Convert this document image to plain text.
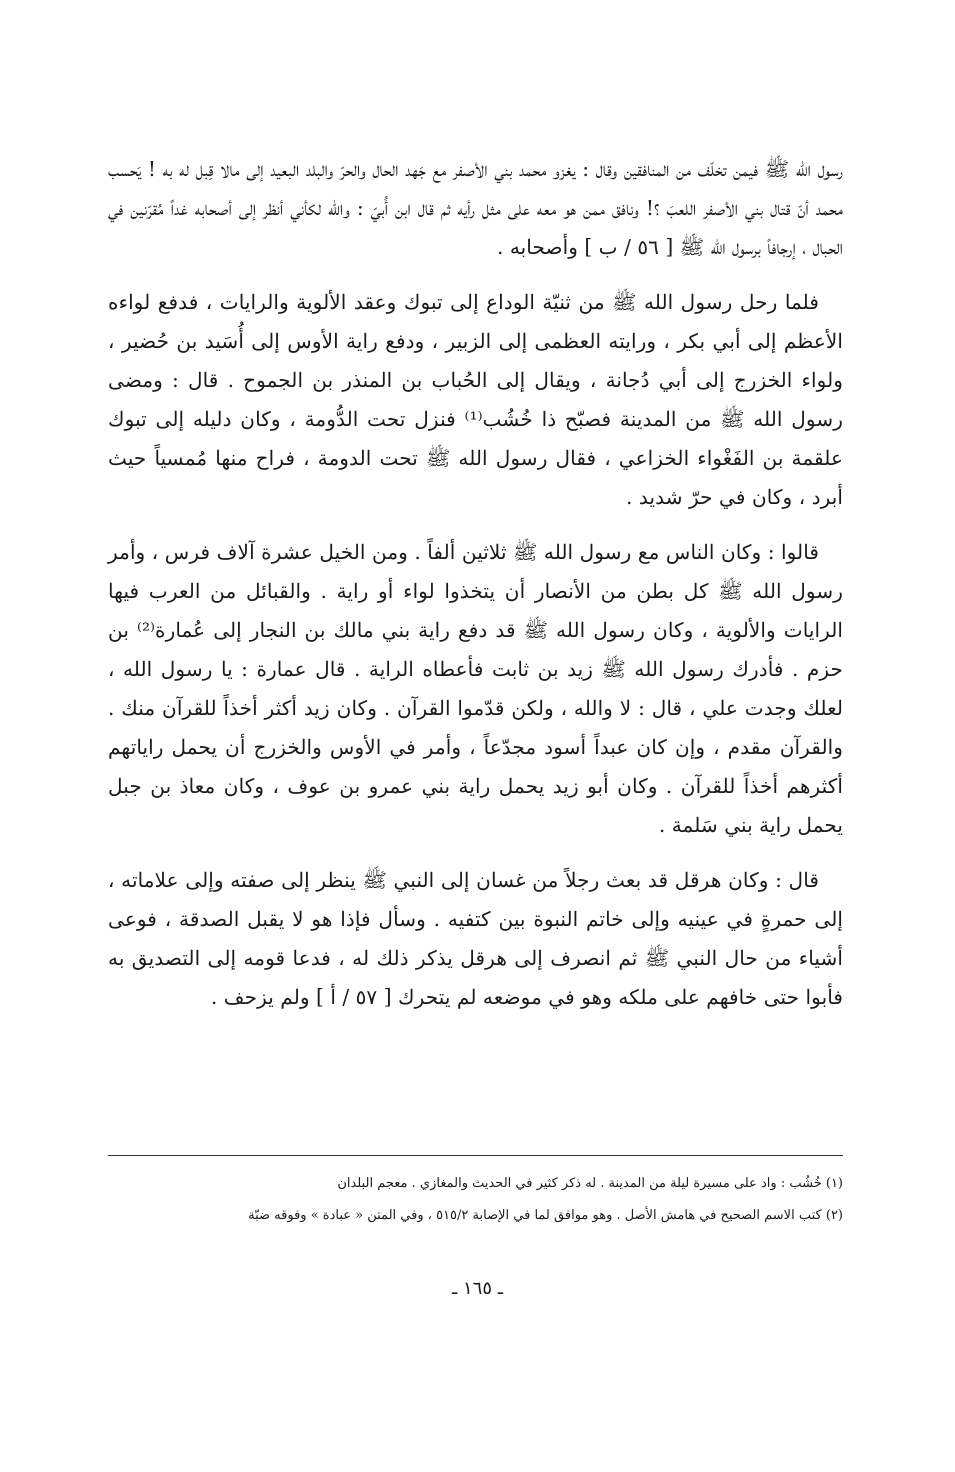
رسول الله ﷺ فيمن تخلّف من المنافقين وقال : يغزو محمد بني الأصفر مع جَهد الحال والحرّ والبلد البعيد إلى مالا قِبل له به ! يَحسب محمد أنّ قتال بني الأصفر اللعبَ ؟! ونافق ممن هو معه على مثل رأيه ثم قال ابن أُبيّ : والله لكأني أنظر إلى أصحابه غداً مُقرّنين في الحبال ، إرجافاً برسول الله ﷺ [ ٥٦ / ب ] وأصحابه .

فلما رحل رسول الله ﷺ من ثنيّة الوداع إلى تبوك وعقد الألوية والرايات ، فدفع لواءه الأعظم إلى أبي بكر ، ورايته العظمى إلى الزبير ، ودفع راية الأوس إلى أُسَيد بن حُضير ، ولواء الخزرج إلى أبي دُجانة ، ويقال إلى الحُباب بن المنذر بن الجموح . قال : ومضى رسول الله ﷺ من المدينة فصبّح ذا خُشُب⁽¹⁾ فنزل تحت الدُّومة ، وكان دليله إلى تبوك علقمة بن الفَغْواء الخزاعي ، فقال رسول الله ﷺ تحت الدومة ، فراح منها مُمسياً حيث أبرد ، وكان في حرّ شديد .

قالوا : وكان الناس مع رسول الله ﷺ ثلاثين ألفاً . ومن الخيل عشرة آلاف فرس ، وأمر رسول الله ﷺ كل بطن من الأنصار أن يتخذوا لواء أو راية . والقبائل من العرب فيها الرايات والألوية ، وكان رسول الله ﷺ قد دفع راية بني مالك بن النجار إلى عُمارة⁽²⁾ بن حزم . فأدرك رسول الله ﷺ زيد بن ثابت فأعطاه الراية . قال عمارة : يا رسول الله ، لعلك وجدت علي ، قال : لا والله ، ولكن قدّموا القرآن . وكان زيد أكثر أخذاً للقرآن منك . والقرآن مقدم ، وإن كان عبداً أسود مجدّعاً ، وأمر في الأوس والخزرج أن يحمل راياتهم أكثرهم أخذاً للقرآن . وكان أبو زيد يحمل راية بني عمرو بن عوف ، وكان معاذ بن جبل يحمل راية بني سَلمة .

قال : وكان هرقل قد بعث رجلاً من غسان إلى النبي ﷺ ينظر إلى صفته وإلى علاماته ، إلى حمرةٍ في عينيه وإلى خاتم النبوة بين كتفيه . وسأل فإذا هو لا يقبل الصدقة ، فوعى أشياء من حال النبي ﷺ ثم انصرف إلى هرقل يذكر ذلك له ، فدعا قومه إلى التصديق به فأبوا حتى خافهم على ملكه وهو في موضعه لم يتحرك [ ٥٧ / أ ] ولم يزحف .

(١) خُشُب : واد على مسيرة ليلة من المدينة . له ذكر كثير في الحديث والمغازي . معجم البلدان

(٢) كتب الاسم الصحيح في هامش الأصل . وهو موافق لما في الإصابة ٥١٥/٢ ، وفي المتن « عبادة » وفوقه ضبّة

ـ ١٦٥ ـ
